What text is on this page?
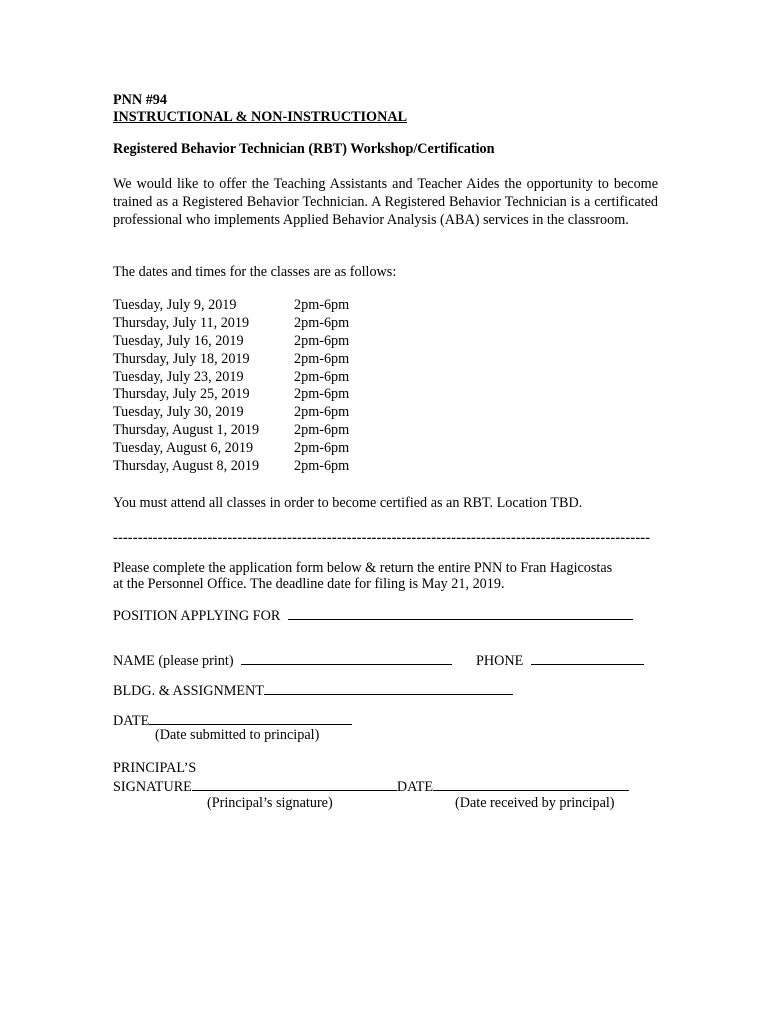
PNN #94
INSTRUCTIONAL & NON-INSTRUCTIONAL
Registered Behavior Technician (RBT) Workshop/Certification
We would like to offer the Teaching Assistants and Teacher Aides the opportunity to become trained as a Registered Behavior Technician. A Registered Behavior Technician is a certificated professional who implements Applied Behavior Analysis (ABA) services in the classroom.
The dates and times for the classes are as follows:
Tuesday, July 9, 2019	2pm-6pm
Thursday, July 11, 2019	2pm-6pm
Tuesday, July 16, 2019	2pm-6pm
Thursday, July 18, 2019	2pm-6pm
Tuesday, July 23, 2019	2pm-6pm
Thursday, July 25, 2019	2pm-6pm
Tuesday, July 30, 2019	2pm-6pm
Thursday, August 1, 2019	2pm-6pm
Tuesday, August 6, 2019	2pm-6pm
Thursday, August 8, 2019	2pm-6pm
You must attend all classes in order to become certified as an RBT. Location TBD.
------------------------------------------------------------------------------------------------------------
Please complete the application form below & return the entire PNN to Fran Hagicostas
at the Personnel Office. The deadline date for filing is May 21, 2019.
POSITION APPLYING FOR
NAME (please print)	PHONE
BLDG. & ASSIGNMENT
DATE
(Date submitted to principal)
PRINCIPAL’S
SIGNATURE	DATE
(Principal’s signature)	(Date received by principal)
